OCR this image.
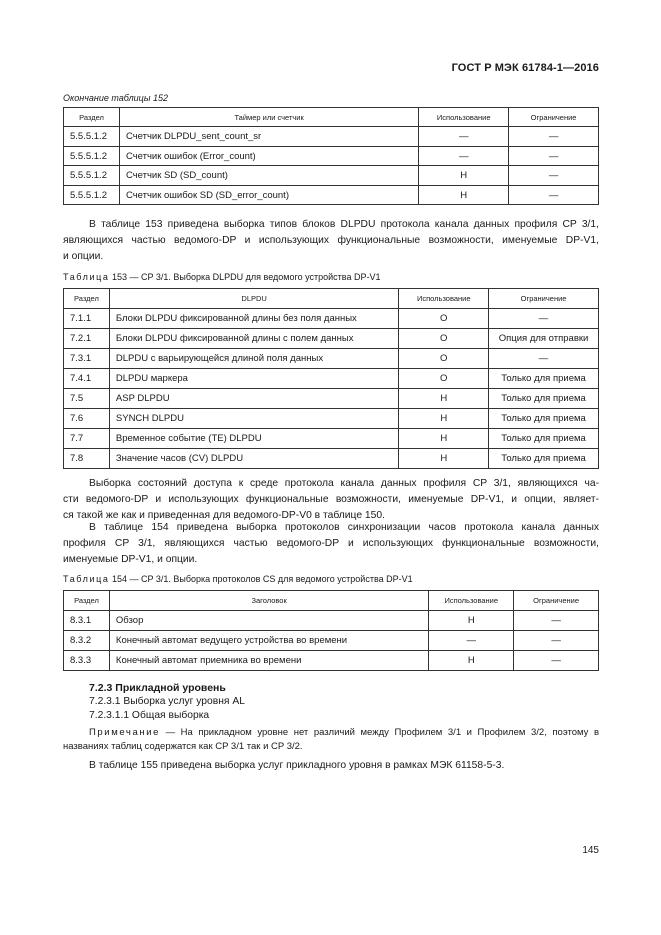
ГОСТ Р МЭК 61784-1—2016
Окончание таблицы 152
Раздел	Таймер или счетчик	Использование	Ограничение
5.5.5.1.2	Счетчик DLPDU_sent_count_sr	—	—
5.5.5.1.2	Счетчик ошибок (Error_count)	—	—
5.5.5.1.2	Счетчик SD (SD_count)	Н	—
5.5.5.1.2	Счетчик ошибок SD (SD_error_count)	Н	—
В таблице 153 приведена выборка типов блоков DLPDU протокола канала данных профиля CP 3/1,
являющихся частью ведомого-DP и использующих функциональные возможности, именуемые DP-V1,
и опции.
Таблица 153 — CP 3/1. Выборка DLPDU для ведомого устройства DP-V1
Раздел	DLPDU	Использование	Ограничение
7.1.1	Блоки DLPDU фиксированной длины без поля данных	О	—
7.2.1	Блоки DLPDU фиксированной длины с полем данных	О	Опция для отправки
7.3.1	DLPDU с варьирующейся длиной поля данных	О	—
7.4.1	DLPDU маркера	О	Только для приема
7.5	ASP DLPDU	Н	Только для приема
7.6	SYNCH DLPDU	Н	Только для приема
7.7	Временное событие (ТЕ) DLPDU	Н	Только для приема
7.8	Значение часов (CV) DLPDU	Н	Только для приема
Выборка состояний доступа к среде протокола канала данных профиля CP 3/1, являющихся ча-
сти ведомого-DP и использующих функциональные возможности, именуемые DP-V1, и опции, являет-
ся такой же как и приведенная для ведомого-DP-V0 в таблице 150.
В таблице 154 приведена выборка протоколов синхронизации часов протокола канала данных
профиля CP 3/1, являющихся частью ведомого-DP и использующих функциональные возможности,
именуемые DP-V1, и опции.
Таблица 154 — CP 3/1. Выборка протоколов CS для ведомого устройства DP-V1
Раздел	Заголовок	Использование	Ограничение
8.3.1	Обзор	Н	—
8.3.2	Конечный автомат ведущего устройства во времени	—	—
8.3.3	Конечный автомат приемника во времени	Н	—
7.2.3 Прикладной уровень
7.2.3.1 Выборка услуг уровня AL
7.2.3.1.1 Общая выборка
Примечание — На прикладном уровне нет различий между Профилем 3/1 и Профилем 3/2, поэтому в
названиях таблиц содержатся как CP 3/1 так и CP 3/2.
В таблице 155 приведена выборка услуг прикладного уровня в рамках МЭК 61158-5-3.
145
